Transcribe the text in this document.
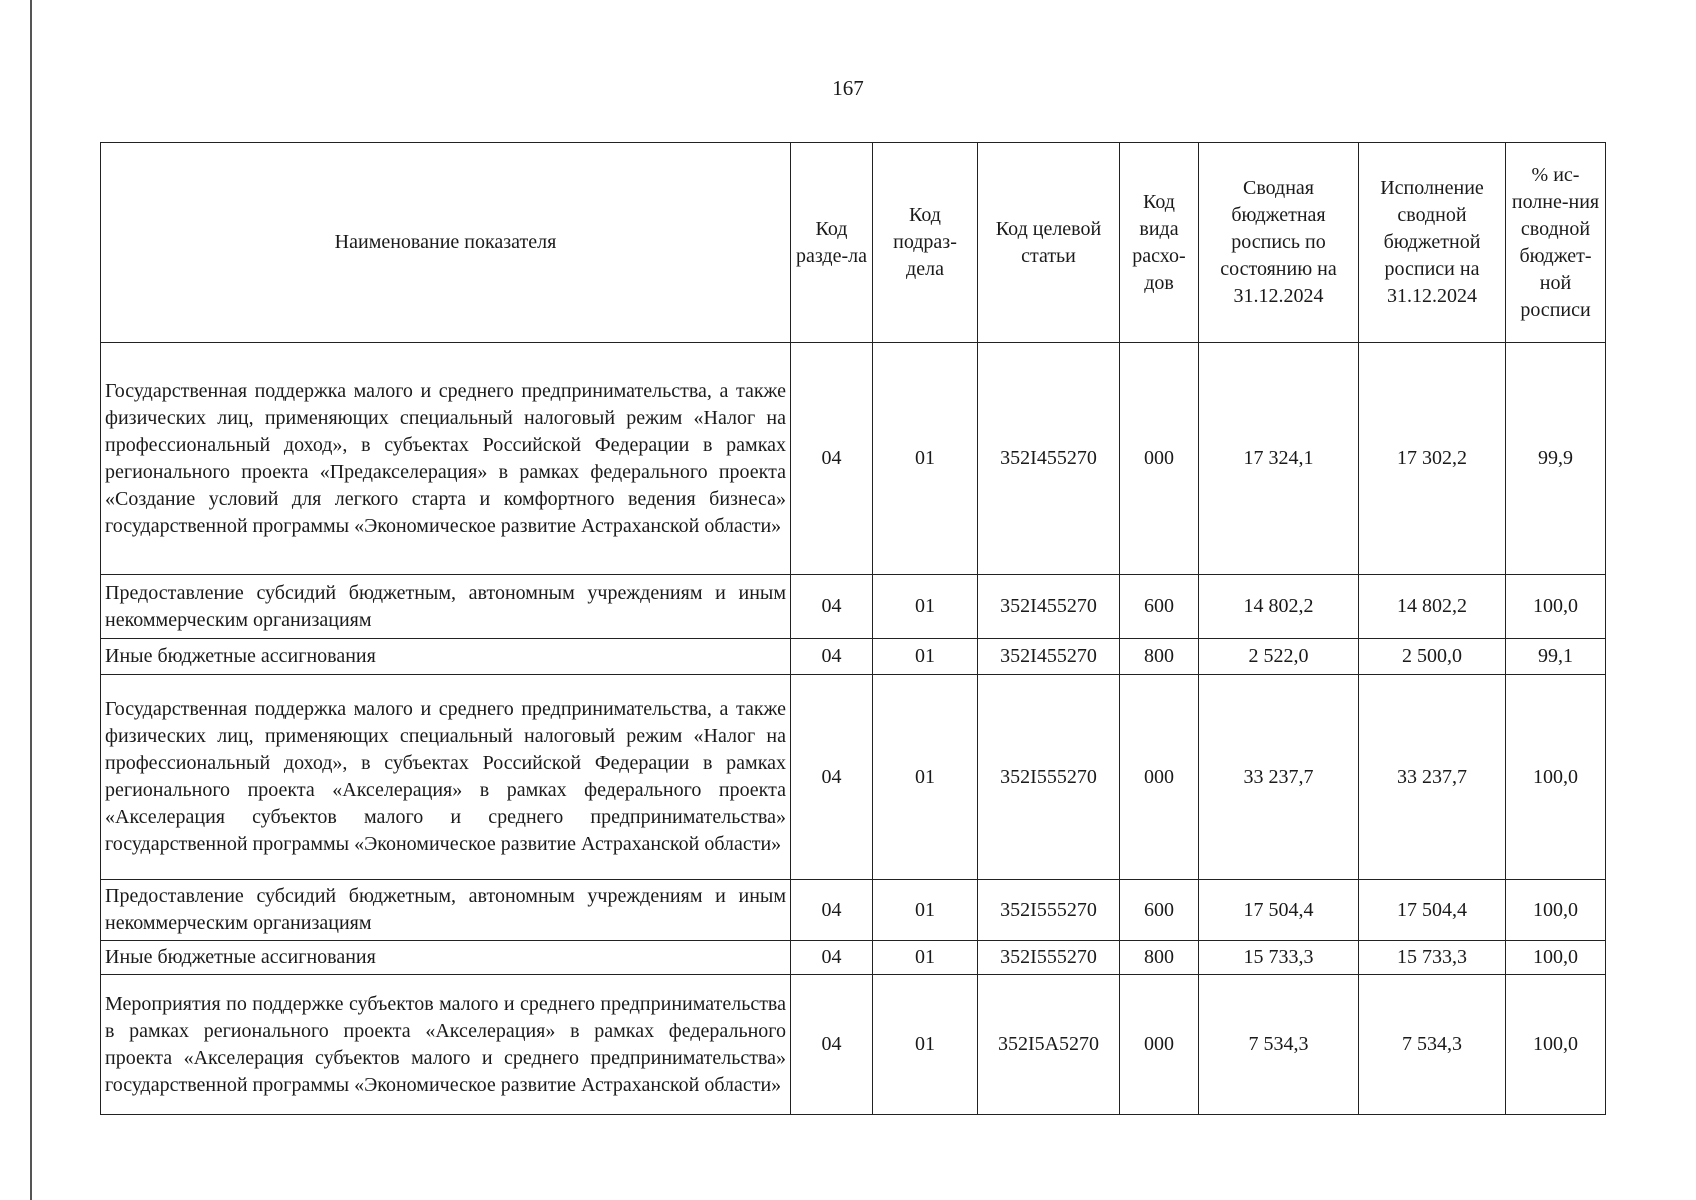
167
Наименование показателя	Код разде-ла	Код подраз-дела	Код целевой статьи	Код вида расхо-дов	Сводная бюджетная роспись по состоянию на 31.12.2024	Исполнение сводной бюджетной росписи на 31.12.2024	% ис-полне-ния сводной бюджет-ной росписи
Государственная поддержка малого и среднего предпринимательства, а также физических лиц, применяющих специальный налоговый режим «Налог на профессиональный доход», в субъектах Российской Федерации в рамках регионального проекта «Предакселерация» в рамках федерального проекта «Создание условий для легкого старта и комфортного ведения бизнеса» государственной программы «Экономическое развитие Астраханской области»	04	01	352I455270	000	17 324,1	17 302,2	99,9
Предоставление субсидий бюджетным, автономным учреждениям и иным некоммерческим организациям	04	01	352I455270	600	14 802,2	14 802,2	100,0
Иные бюджетные ассигнования	04	01	352I455270	800	2 522,0	2 500,0	99,1
Государственная поддержка малого и среднего предпринимательства, а также физических лиц, применяющих специальный налоговый режим «Налог на профессиональный доход», в субъектах Российской Федерации в рамках регионального проекта «Акселерация» в рамках федерального проекта «Акселерация субъектов малого и среднего предпринимательства» государственной программы «Экономическое развитие Астраханской области»	04	01	352I555270	000	33 237,7	33 237,7	100,0
Предоставление субсидий бюджетным, автономным учреждениям и иным некоммерческим организациям	04	01	352I555270	600	17 504,4	17 504,4	100,0
Иные бюджетные ассигнования	04	01	352I555270	800	15 733,3	15 733,3	100,0
Мероприятия по поддержке субъектов малого и среднего предпринимательства в рамках регионального проекта «Акселерация» в рамках федерального проекта «Акселерация субъектов малого и среднего предпринимательства» государственной программы «Экономическое развитие Астраханской области»	04	01	352I5A5270	000	7 534,3	7 534,3	100,0
